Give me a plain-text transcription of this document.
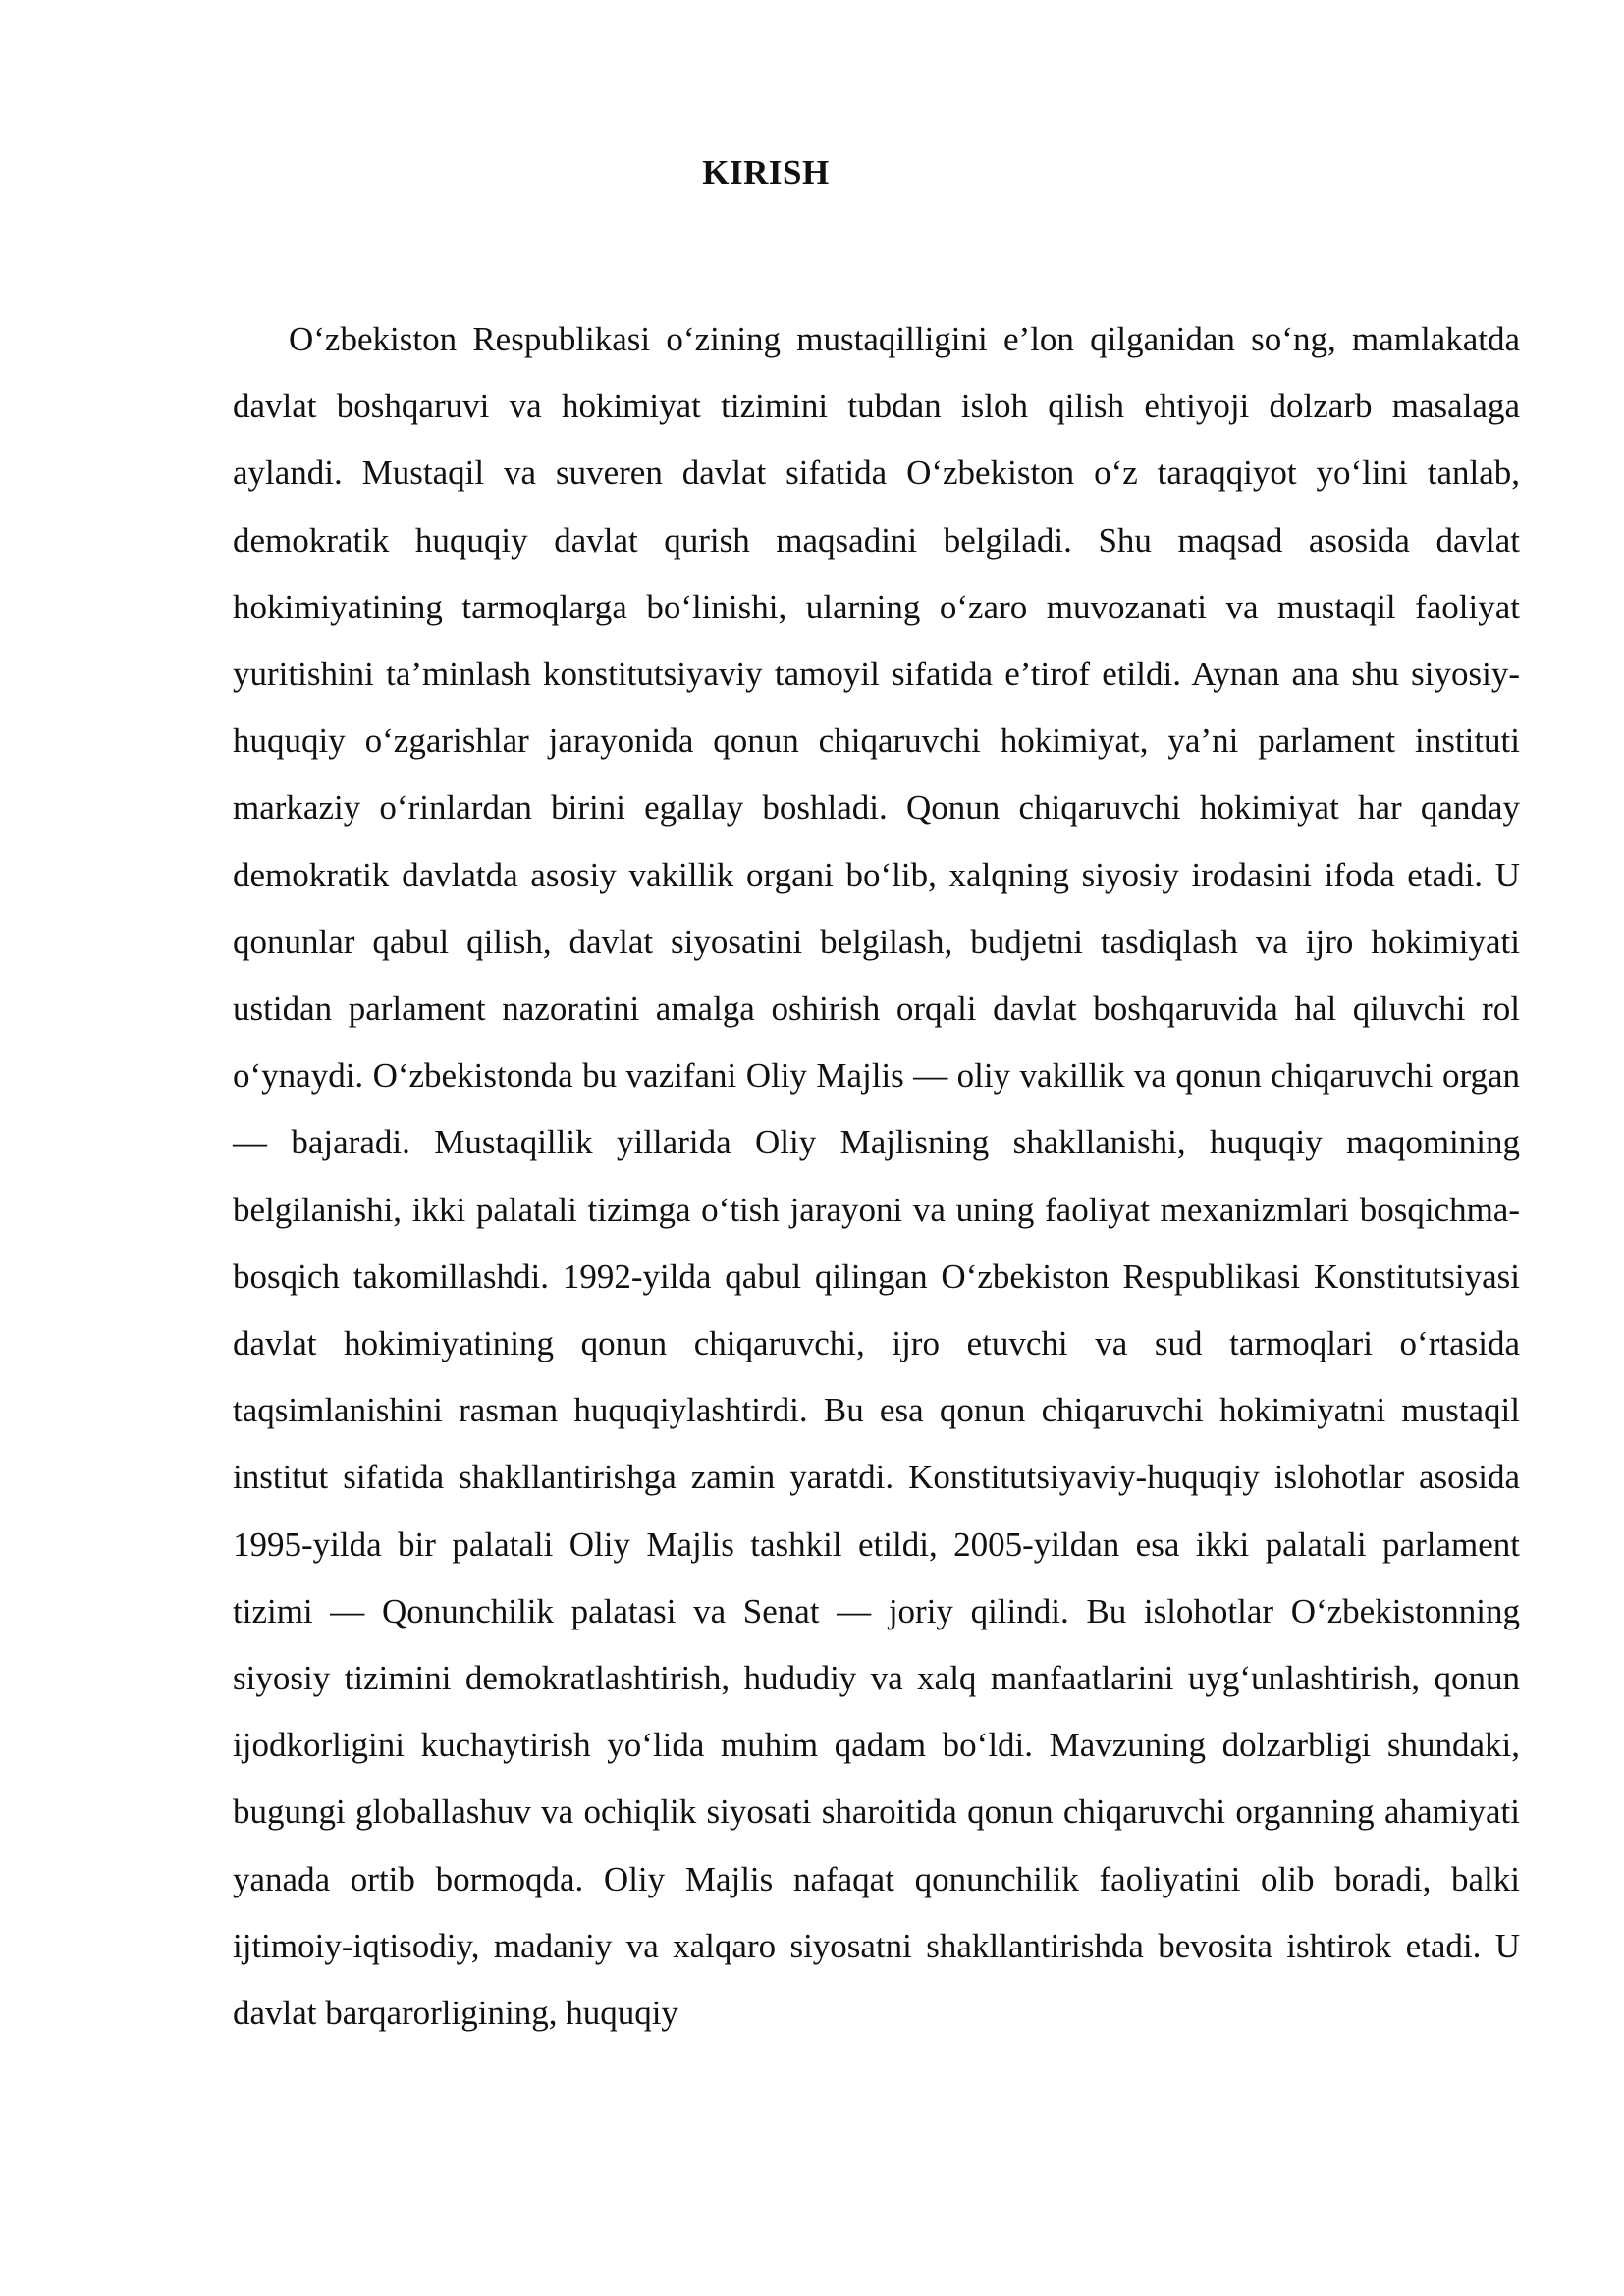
KIRISH

O‘zbekiston Respublikasi o‘zining mustaqilligini e’lon qilganidan so‘ng, mamlakatda davlat boshqaruvi va hokimiyat tizimini tubdan isloh qilish ehtiyoji dolzarb masalaga aylandi. Mustaqil va suveren davlat sifatida O‘zbekiston o‘z taraqqiyot yo‘lini tanlab, demokratik huquqiy davlat qurish maqsadini belgiladi. Shu maqsad asosida davlat hokimiyatining tarmoqlarga bo‘linishi, ularning o‘zaro muvozanati va mustaqil faoliyat yuritishini ta’minlash konstitutsiyaviy tamoyil sifatida e’tirof etildi. Aynan ana shu siyosiy-huquqiy o‘zgarishlar jarayonida qonun chiqaruvchi hokimiyat, ya’ni parlament instituti markaziy o‘rinlardan birini egallay boshladi. Qonun chiqaruvchi hokimiyat har qanday demokratik davlatda asosiy vakillik organi bo‘lib, xalqning siyosiy irodasini ifoda etadi. U qonunlar qabul qilish, davlat siyosatini belgilash, budjetni tasdiqlash va ijro hokimiyati ustidan parlament nazoratini amalga oshirish orqali davlat boshqaruvida hal qiluvchi rol o‘ynaydi. O‘zbekistonda bu vazifani Oliy Majlis — oliy vakillik va qonun chiqaruvchi organ — bajaradi. Mustaqillik yillarida Oliy Majlisning shakllanishi, huquqiy maqomining belgilanishi, ikki palatali tizimga o‘tish jarayoni va uning faoliyat mexanizmlari bosqichma-bosqich takomillashdi. 1992-yilda qabul qilingan O‘zbekiston Respublikasi Konstitutsiyasi davlat hokimiyatining qonun chiqaruvchi, ijro etuvchi va sud tarmoqlari o‘rtasida taqsimlanishini rasman huquqiylashtirdi. Bu esa qonun chiqaruvchi hokimiyatni mustaqil institut sifatida shakllantirishga zamin yaratdi. Konstitutsiyaviy-huquqiy islohotlar asosida 1995-yilda bir palatali Oliy Majlis tashkil etildi, 2005-yildan esa ikki palatali parlament tizimi — Qonunchilik palatasi va Senat — joriy qilindi. Bu islohotlar O‘zbekistonning siyosiy tizimini demokratlashtirish, hududiy va xalq manfaatlarini uyg‘unlashtirish, qonun ijodkorligini kuchaytirish yo‘lida muhim qadam bo‘ldi. Mavzuning dolzarbligi shundaki, bugungi globallashuv va ochiqlik siyosati sharoitida qonun chiqaruvchi organning ahamiyati yanada ortib bormoqda. Oliy Majlis nafaqat qonunchilik faoliyatini olib boradi, balki ijtimoiy-iqtisodiy, madaniy va xalqaro siyosatni shakllantirishda bevosita ishtirok etadi. U davlat barqarorligining, huquqiy
